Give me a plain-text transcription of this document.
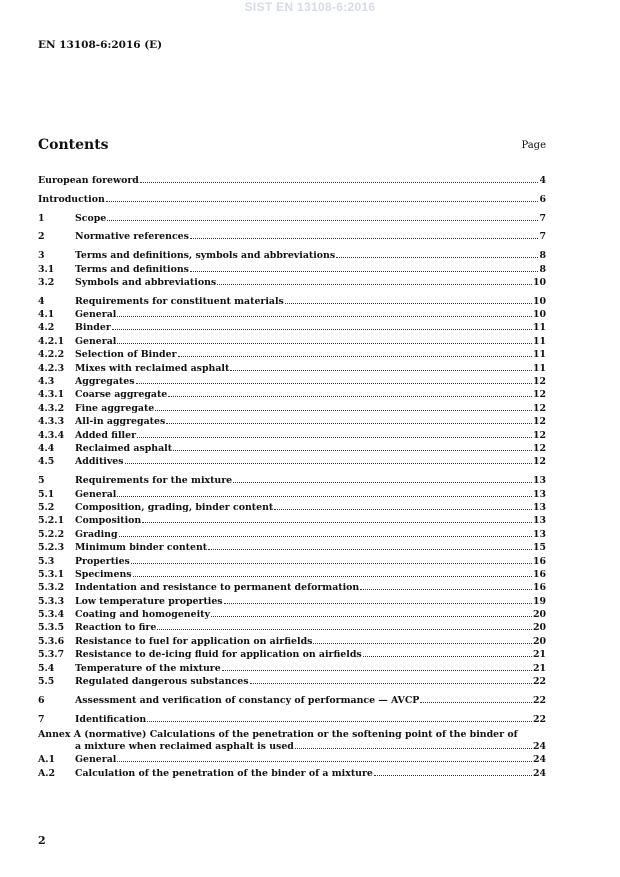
SIST EN 13108-6:2016
EN 13108-6:2016 (E)
Contents	Page
European foreword	4
Introduction	6
1	Scope	7
2	Normative references	7
3	Terms and definitions, symbols and abbreviations	8
3.1	Terms and definitions	8
3.2	Symbols and abbreviations	10
4	Requirements for constituent materials	10
4.1	General	10
4.2	Binder	11
4.2.1	General	11
4.2.2	Selection of Binder	11
4.2.3	Mixes with reclaimed asphalt	11
4.3	Aggregates	12
4.3.1	Coarse aggregate	12
4.3.2	Fine aggregate	12
4.3.3	All-in aggregates	12
4.3.4	Added filler	12
4.4	Reclaimed asphalt	12
4.5	Additives	12
5	Requirements for the mixture	13
5.1	General	13
5.2	Composition, grading, binder content	13
5.2.1	Composition	13
5.2.2	Grading	13
5.2.3	Minimum binder content	15
5.3	Properties	16
5.3.1	Specimens	16
5.3.2	Indentation and resistance to permanent deformation	16
5.3.3	Low temperature properties	19
5.3.4	Coating and homogeneity	20
5.3.5	Reaction to fire	20
5.3.6	Resistance to fuel for application on airfields	20
5.3.7	Resistance to de-icing fluid for application on airfields	21
5.4	Temperature of the mixture	21
5.5	Regulated dangerous substances	22
6	Assessment and verification of constancy of performance — AVCP	22
7	Identification	22
Annex A (normative) Calculations of the penetration or the softening point of the binder of
a mixture when reclaimed asphalt is used	24
A.1	General	24
A.2	Calculation of the penetration of the binder of a mixture	24
2
